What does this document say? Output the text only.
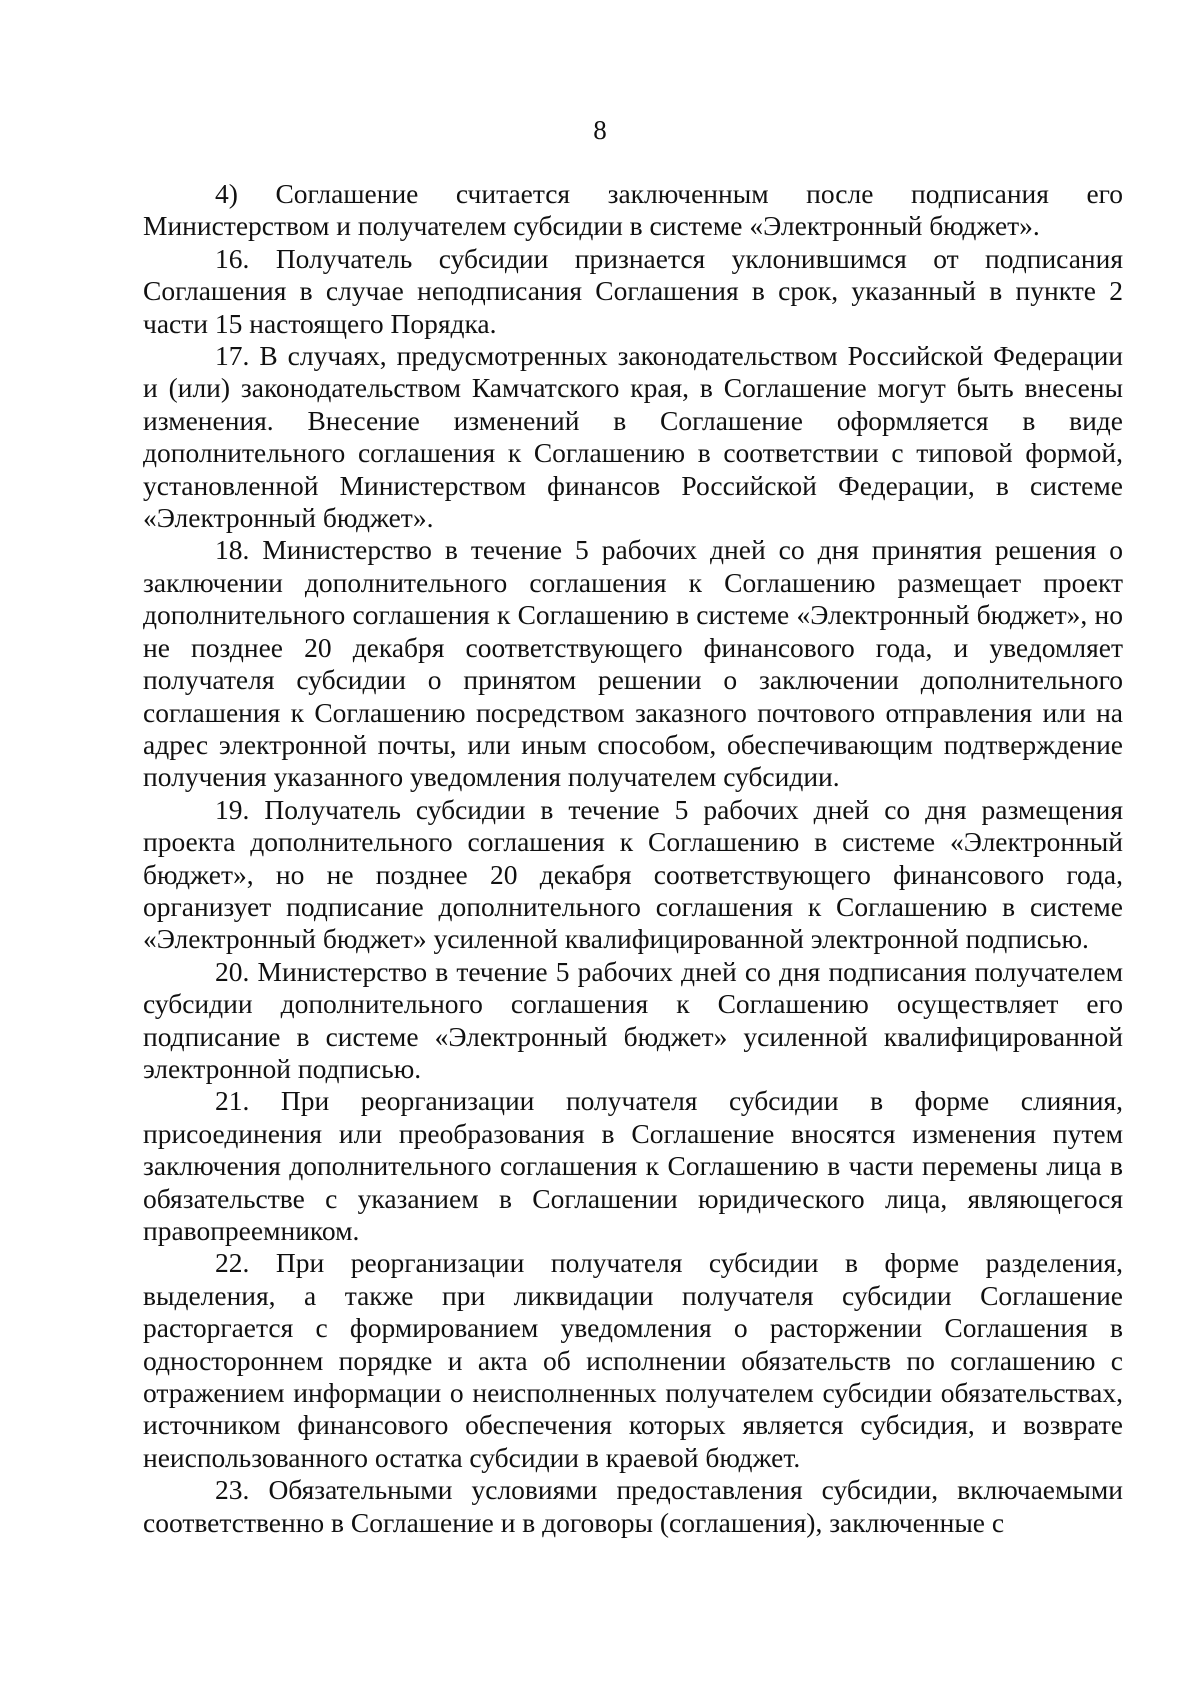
8

4) Соглашение считается заключенным после подписания его Министерством и получателем субсидии в системе «Электронный бюджет».

16. Получатель субсидии признается уклонившимся от подписания Соглашения в случае неподписания Соглашения в срок, указанный в пункте 2 части 15 настоящего Порядка.

17. В случаях, предусмотренных законодательством Российской Федерации и (или) законодательством Камчатского края, в Соглашение могут быть внесены изменения. Внесение изменений в Соглашение оформляется в виде дополнительного соглашения к Соглашению в соответствии с типовой формой, установленной Министерством финансов Российской Федерации, в системе «Электронный бюджет».

18. Министерство в течение 5 рабочих дней со дня принятия решения о заключении дополнительного соглашения к Соглашению размещает проект дополнительного соглашения к Соглашению в системе «Электронный бюджет», но не позднее 20 декабря соответствующего финансового года, и уведомляет получателя субсидии о принятом решении о заключении дополнительного соглашения к Соглашению посредством заказного почтового отправления или на адрес электронной почты, или иным способом, обеспечивающим подтверждение получения указанного уведомления получателем субсидии.

19. Получатель субсидии в течение 5 рабочих дней со дня размещения проекта дополнительного соглашения к Соглашению в системе «Электронный бюджет», но не позднее 20 декабря соответствующего финансового года, организует подписание дополнительного соглашения к Соглашению в системе «Электронный бюджет» усиленной квалифицированной электронной подписью.

20. Министерство в течение 5 рабочих дней со дня подписания получателем субсидии дополнительного соглашения к Соглашению осуществляет его подписание в системе «Электронный бюджет» усиленной квалифицированной электронной подписью.

21. При реорганизации получателя субсидии в форме слияния, присоединения или преобразования в Соглашение вносятся изменения путем заключения дополнительного соглашения к Соглашению в части перемены лица в обязательстве с указанием в Соглашении юридического лица, являющегося правопреемником.

22. При реорганизации получателя субсидии в форме разделения, выделения, а также при ликвидации получателя субсидии Соглашение расторгается с формированием уведомления о расторжении Соглашения в одностороннем порядке и акта об исполнении обязательств по соглашению с отражением информации о неисполненных получателем субсидии обязательствах, источником финансового обеспечения которых является субсидия, и возврате неиспользованного остатка субсидии в краевой бюджет.

23. Обязательными условиями предоставления субсидии, включаемыми соответственно в Соглашение и в договоры (соглашения), заключенные с
